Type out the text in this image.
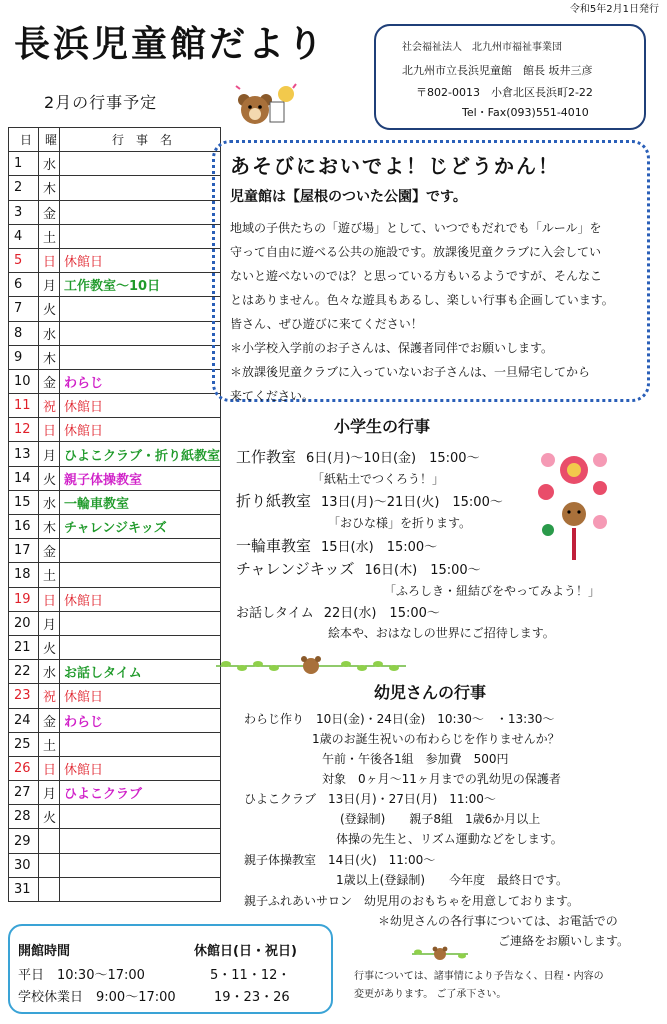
令和5年2月1日発行
長浜児童館だより
2月の行事予定
社会福祉法人　北九州市福祉事業団
北九州市立長浜児童館　館長 坂井三彦
〒802-0013　小倉北区長浜町2-22
Tel・Fax(093)551-4010
日	曜	行　事　名
1	水	
2	木	
3	金	
4	土	
5	日	休館日
6	月	工作教室～10日
7	火	
8	水	
9	木	
10	金	わらじ
11	祝	休館日
12	日	休館日
13	月	ひよこクラブ・折り紙教室
14	火	親子体操教室
15	水	一輪車教室
16	木	チャレンジキッズ
17	金	
18	土	
19	日	休館日
20	月	
21	火	
22	水	お話しタイム
23	祝	休館日
24	金	わらじ
25	土	
26	日	休館日
27	月	ひよこクラブ
28	火	
29		
30		
31		
あそびにおいでよ！じどうかん！
児童館は【屋根のついた公園】です。

地域の子供たちの「遊び場」として、いつでもだれでも「ルール」を

守って自由に遊べる公共の施設です。放課後児童クラブに入会してい

ないと遊べないのでは？と思っている方もいるようですが、そんなこ

とはありません。色々な遊具もあるし、楽しい行事も企画しています。

皆さん、ぜひ遊びに来てください！

＊小学校入学前のお子さんは、保護者同伴でお願いします。

＊放課後児童クラブに入っていないお子さんは、一旦帰宅してから

来てください。

小学生の行事
工作教室 6日(月)～10日(金)　15:00～
「紙粘土でつくろう！」
折り紙教室 13日(月)～21日(火)　15:00～
「おひな様」を折ります。
一輪車教室 15日(水)　15:00～
チャレンジキッズ 16日(木)　15:00～
「ふろしき・紐結びをやってみよう！」
お話しタイム 22日(水)　15:00～
絵本や、おはなしの世界にご招待します。
幼児さんの行事
わらじ作り　10日(金)・24日(金)　10:30～　・13:30～
1歳のお誕生祝いの布わらじを作りませんか？
午前・午後各1組　参加費　500円
対象　0ヶ月～11ヶ月までの乳幼児の保護者
ひよこクラブ　13日(月)・27日(月)　11:00～
(登録制)　　親子8組　1歳6か月以上
体操の先生と、リズム運動などをします。
親子体操教室　14日(火)　11:00～
1歳以上(登録制)　　今年度　最終日です。
親子ふれあいサロン　幼児用のおもちゃを用意しております。
＊幼児さんの各行事については、お電話での
ご連絡をお願いします。
開館時間	休館日(日・祝日)
平日　10:30～17:00	5・11・12・
学校休業日　9:00～17:00	19・23・26
行事については、諸事情により予告なく、日程・内容の
変更があります。 ご了承下さい。
